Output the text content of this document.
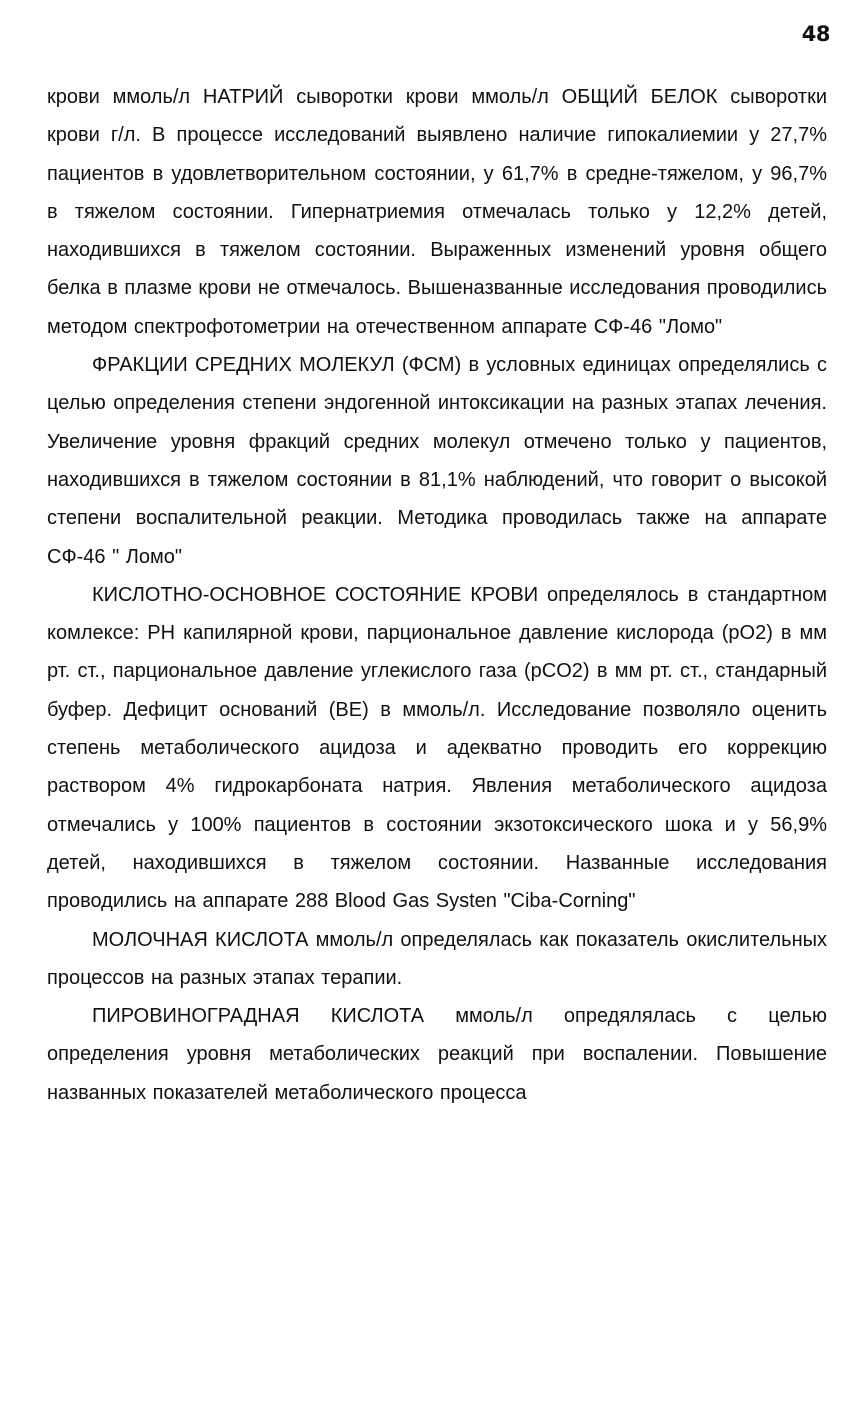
48

крови ммоль/л НАТРИЙ сыворотки крови ммоль/л ОБЩИЙ БЕЛОК сыворотки крови г/л. В процессе исследований выявлено наличие гипокалиемии у 27,7% пациентов в удовлетворительном состоянии, у 61,7% в средне-тяжелом, у 96,7% в тяжелом состоянии. Гипернатриемия отмечалась только у 12,2% детей, находившихся в тяжелом состоянии. Выраженных изменений уровня общего белка в плазме крови не отмечалось. Вышеназванные исследования проводились методом спектрофотометрии на отечественном аппарате СФ-46 "Ломо"

ФРАКЦИИ СРЕДНИХ МОЛЕКУЛ (ФСМ) в условных единицах определялись с целью определения степени эндогенной интоксикации на разных этапах лечения. Увеличение уровня фракций средних молекул отмечено только у пациентов, находившихся в тяжелом состоянии в 81,1% наблюдений, что говорит о высокой степени воспалительной реакции. Методика проводилась также на аппарате СФ-46 " Ломо"

КИСЛОТНО-ОСНОВНОЕ СОСТОЯНИЕ КРОВИ определялось в стандартном комлексе: PH капилярной крови, парциональное давление кислорода (pO2) в мм рт. ст., парциональное давление углекислого газа (pCO2) в мм рт. ст., стандарный буфер. Дефицит оснований (BE) в ммоль/л. Исследование позволяло оценить степень метаболического ацидоза и адекватно проводить его коррекцию раствором 4% гидрокарбоната натрия. Явления метаболического ацидоза отмечались у 100% пациентов в состоянии экзотоксического шока и у 56,9% детей, находившихся в тяжелом состоянии. Названные исследования проводились на аппарате 288 Blood Gas Systen "Ciba-Corning"

МОЛОЧНАЯ КИСЛОТА ммоль/л определялась как показатель окислительных процессов на разных этапах терапии.

ПИРОВИНОГРАДНАЯ КИСЛОТА ммоль/л опредялялась с целью определения уровня метаболических реакций при воспалении. Повышение названных показателей метаболического процесса
